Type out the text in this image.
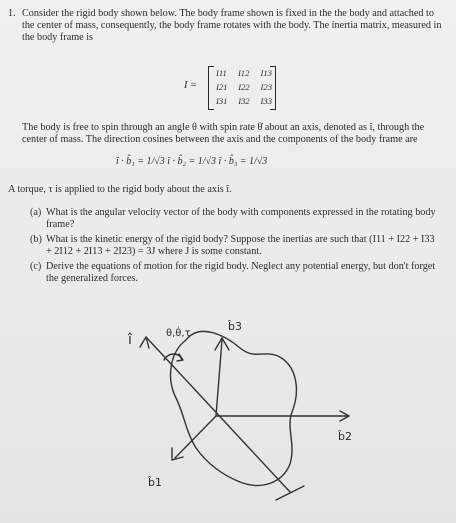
1. Consider the rigid body shown below. The body frame shown is fixed in the the body and attached to the center of mass, consequently, the body frame rotates with the body. The inertia matrix, measured in the body frame is
I =
I11 I12 I13
I21 I22 I23
I31 I32 I33
The body is free to spin through an angle θ with spin rate θ̇ about an axis, denoted as î, through the center of mass. The direction cosines between the axis and the components of the body frame are
î · b̂₁ = 1/√3 î · b̂₂ = 1/√3 î · b̂₃ = 1/√3
A torque, τ is applied to the rigid body about the axis î.
(a) What is the angular velocity vector of the body with components expressed in the rotating body frame?
(b) What is the kinetic energy of the rigid body? Suppose the inertias are such that (I11 + I22 + I33 + 2I12 + 2I13 + 2I23) = 3J where J is some constant.
(c) Derive the equations of motion for the rigid body. Neglect any potential energy, but don't forget the generalized forces.
î	θ,θ̇,τ
b̂3
b̂2
b̂1
